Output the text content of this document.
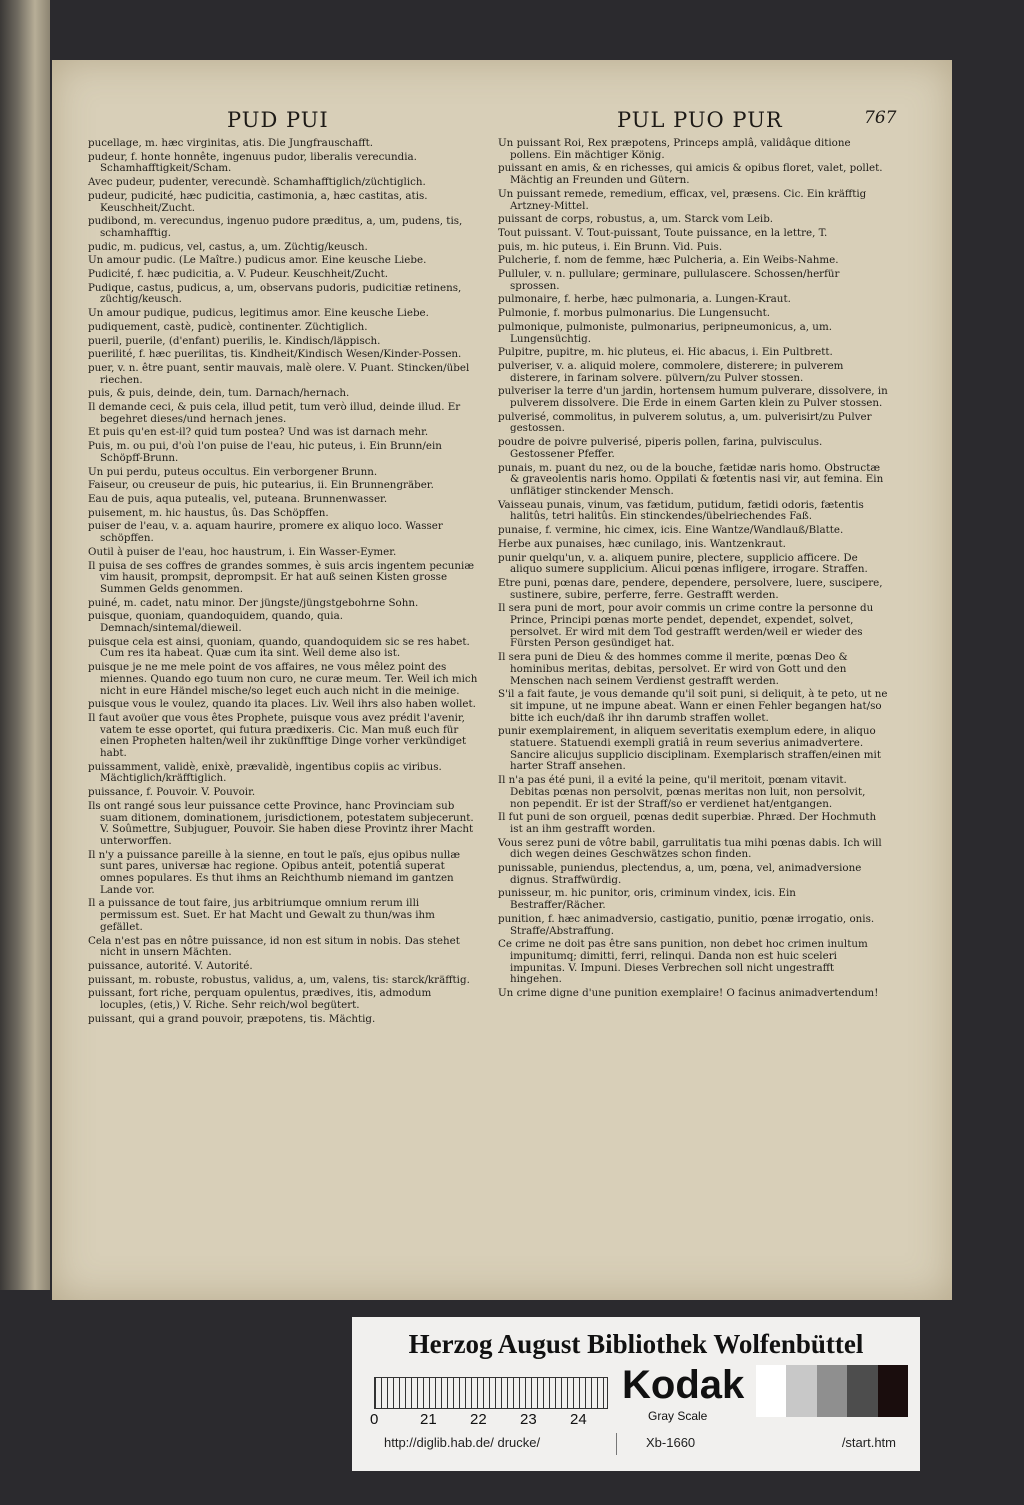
PUD PUI	PUL PUO PUR	767
pucellage, m. hæc virginitas, atis. Die Jungfrauschafft.
pudeur, f. honte honnête, ingenuus pudor, liberalis verecundia. Schamhafftigkeit/Scham.
Avec pudeur, pudenter, verecundè. Schamhafftiglich/züchtiglich.
pudeur, pudicité, hæc pudicitia, castimonia, a, hæc castitas, atis. Keuschheit/Zucht.
pudibond, m. verecundus, ingenuo pudore præditus, a, um, pudens, tis, schamhafftig.
pudic, m. pudicus, vel, castus, a, um. Züchtig/keusch.
Un amour pudic. (Le Maître.) pudicus amor. Eine keusche Liebe.
Pudicité, f. hæc pudicitia, a. V. Pudeur. Keuschheit/Zucht.
Pudique, castus, pudicus, a, um, observans pudoris, pudicitiæ retinens, züchtig/keusch.
Un amour pudique, pudicus, legitimus amor. Eine keusche Liebe.
pudiquement, castè, pudicè, continenter. Züchtiglich.
pueril, puerile, (d'enfant) puerilis, le. Kindisch/läppisch.
puerilité, f. hæc puerilitas, tis. Kindheit/Kindisch Wesen/Kinder-Possen.
puer, v. n. être puant, sentir mauvais, malè olere. V. Puant. Stincken/übel riechen.
puis, & puis, deinde, dein, tum. Darnach/hernach.
Il demande ceci, & puis cela, illud petit, tum verò illud, deinde illud. Er begehret dieses/und hernach jenes.
Et puis qu'en est-il? quid tum postea? Und was ist darnach mehr.
Puis, m. ou pui, d'où l'on puise de l'eau, hic puteus, i. Ein Brunn/ein Schöpff-Brunn.
Un pui perdu, puteus occultus. Ein verborgener Brunn.
Faiseur, ou creuseur de puis, hic putearius, ii. Ein Brunnengräber.
Eau de puis, aqua putealis, vel, puteana. Brunnenwasser.
puisement, m. hic haustus, ûs. Das Schöpffen.
puiser de l'eau, v. a. aquam haurire, promere ex aliquo loco. Wasser schöpffen.
Outil à puiser de l'eau, hoc haustrum, i. Ein Wasser-Eymer.
Il puisa de ses coffres de grandes sommes, è suis arcis ingentem pecuniæ vim hausit, prompsit, deprompsit. Er hat auß seinen Kisten grosse Summen Gelds genommen.
puiné, m. cadet, natu minor. Der jüngste/jüngstgebohrne Sohn.
puisque, quoniam, quandoquidem, quando, quia. Demnach/sintemal/dieweil.
puisque cela est ainsi, quoniam, quando, quandoquidem sic se res habet. Cum res ita habeat. Quæ cum ita sint. Weil deme also ist.
puisque je ne me mele point de vos affaires, ne vous mêlez point des miennes. Quando ego tuum non curo, ne curæ meum. Ter. Weil ich mich nicht in eure Händel mische/so leget euch auch nicht in die meinige.
puisque vous le voulez, quando ita places. Liv. Weil ihrs also haben wollet.
Il faut avoüer que vous êtes Prophete, puisque vous avez prédit l'avenir, vatem te esse oportet, qui futura prædixeris. Cic. Man muß euch für einen Propheten halten/weil ihr zukünfftige Dinge vorher verkündiget habt.
puissamment, validè, enixè, prævalidè, ingentibus copiis ac viribus. Mächtiglich/kräfftiglich.
puissance, f. Pouvoir. V. Pouvoir.
Ils ont rangé sous leur puissance cette Province, hanc Provinciam sub suam ditionem, dominationem, jurisdictionem, potestatem subjecerunt. V. Soûmettre, Subjuguer, Pouvoir. Sie haben diese Provintz ihrer Macht unterworffen.
Il n'y a puissance pareille à la sienne, en tout le païs, ejus opibus nullæ sunt pares, universæ hac regione. Opibus anteit, potentiâ superat omnes populares. Es thut ihms an Reichthumb niemand im gantzen Lande vor.
Il a puissance de tout faire, jus arbitriumque omnium rerum illi permissum est. Suet. Er hat Macht und Gewalt zu thun/was ihm gefället.
Cela n'est pas en nôtre puissance, id non est situm in nobis. Das stehet nicht in unsern Mächten.
puissance, autorité. V. Autorité.
puissant, m. robuste, robustus, validus, a, um, valens, tis: starck/kräfftig.
puissant, fort riche, perquam opulentus, prædives, itis, admodum locuples, (etis,) V. Riche. Sehr reich/wol begütert.
puissant, qui a grand pouvoir, præpotens, tis. Mächtig.
Un puissant Roi, Rex præpotens, Princeps amplâ, validâque ditione pollens. Ein mächtiger König.
puissant en amis, & en richesses, qui amicis & opibus floret, valet, pollet. Mächtig an Freunden und Gütern.
Un puissant remede, remedium, efficax, vel, præsens. Cic. Ein kräfftig Artzney-Mittel.
puissant de corps, robustus, a, um. Starck vom Leib.
Tout puissant. V. Tout-puissant, Toute puissance, en la lettre, T.
puis, m. hic puteus, i. Ein Brunn. Vid. Puis.
Pulcherie, f. nom de femme, hæc Pulcheria, a. Ein Weibs-Nahme.
Pulluler, v. n. pullulare; germinare, pullulascere. Schossen/herfür sprossen.
pulmonaire, f. herbe, hæc pulmonaria, a. Lungen-Kraut.
Pulmonie, f. morbus pulmonarius. Die Lungensucht.
pulmonique, pulmoniste, pulmonarius, peripneumonicus, a, um. Lungensüchtig.
Pulpitre, pupitre, m. hic pluteus, ei. Hic abacus, i. Ein Pultbrett.
pulveriser, v. a. aliquid molere, commolere, disterere; in pulverem disterere, in farinam solvere. pülvern/zu Pulver stossen.
pulveriser la terre d'un jardin, hortensem humum pulverare, dissolvere, in pulverem dissolvere. Die Erde in einem Garten klein zu Pulver stossen.
pulverisé, commolitus, in pulverem solutus, a, um. pulverisirt/zu Pulver gestossen.
poudre de poivre pulverisé, piperis pollen, farina, pulvisculus. Gestossener Pfeffer.
punais, m. puant du nez, ou de la bouche, fætidæ naris homo. Obstructæ & graveolentis naris homo. Oppilati & fœtentis nasi vir, aut femina. Ein unflätiger stinckender Mensch.
Vaisseau punais, vinum, vas fætidum, putidum, fætidi odoris, fætentis halitûs, tetri halitûs. Ein stinckendes/übelriechendes Faß.
punaise, f. vermine, hic cimex, icis. Eine Wantze/Wandlauß/Blatte.
Herbe aux punaises, hæc cunilago, inis. Wantzenkraut.
punir quelqu'un, v. a. aliquem punire, plectere, supplicio afficere. De aliquo sumere supplicium. Alicui pœnas infligere, irrogare. Straffen.
Etre puni, pœnas dare, pendere, dependere, persolvere, luere, suscipere, sustinere, subire, perferre, ferre. Gestrafft werden.
Il sera puni de mort, pour avoir commis un crime contre la personne du Prince, Principi pœnas morte pendet, dependet, expendet, solvet, persolvet. Er wird mit dem Tod gestrafft werden/weil er wieder des Fürsten Person gesündiget hat.
Il sera puni de Dieu & des hommes comme il merite, pœnas Deo & hominibus meritas, debitas, persolvet. Er wird von Gott und den Menschen nach seinem Verdienst gestrafft werden.
S'il a fait faute, je vous demande qu'il soit puni, si deliquit, à te peto, ut ne sit impune, ut ne impune abeat. Wann er einen Fehler begangen hat/so bitte ich euch/daß ihr ihn darumb straffen wollet.
punir exemplairement, in aliquem severitatis exemplum edere, in aliquo statuere. Statuendi exempli gratiâ in reum severius animadvertere. Sancire alicujus supplicio disciplinam. Exemplarisch straffen/einen mit harter Straff ansehen.
Il n'a pas été puni, il a evité la peine, qu'il meritoit, pœnam vitavit. Debitas pœnas non persolvit, pœnas meritas non luit, non persolvit, non pependit. Er ist der Straff/so er verdienet hat/entgangen.
Il fut puni de son orgueil, pœnas dedit superbiæ. Phræd. Der Hochmuth ist an ihm gestrafft worden.
Vous serez puni de vôtre babil, garrulitatis tua mihi pœnas dabis. Ich will dich wegen deines Geschwätzes schon finden.
punissable, puniendus, plectendus, a, um, pœna, vel, animadversione dignus. Straffwürdig.
punisseur, m. hic punitor, oris, criminum vindex, icis. Ein Bestraffer/Rächer.
punition, f. hæc animadversio, castigatio, punitio, pœnæ irrogatio, onis. Straffe/Abstraffung.
Ce crime ne doit pas être sans punition, non debet hoc crimen inultum impunitumq; dimitti, ferri, relinqui. Danda non est huic sceleri impunitas. V. Impuni. Dieses Verbrechen soll nicht ungestrafft hingehen.
Un crime digne d'une punition exemplaire! O facinus animadvertendum!
Herzog August Bibliothek Wolfenbüttel
0	21 22 23 24
Kodak
Gray Scale
http://diglib.hab.de/ drucke/	Xb-1660	/start.htm
